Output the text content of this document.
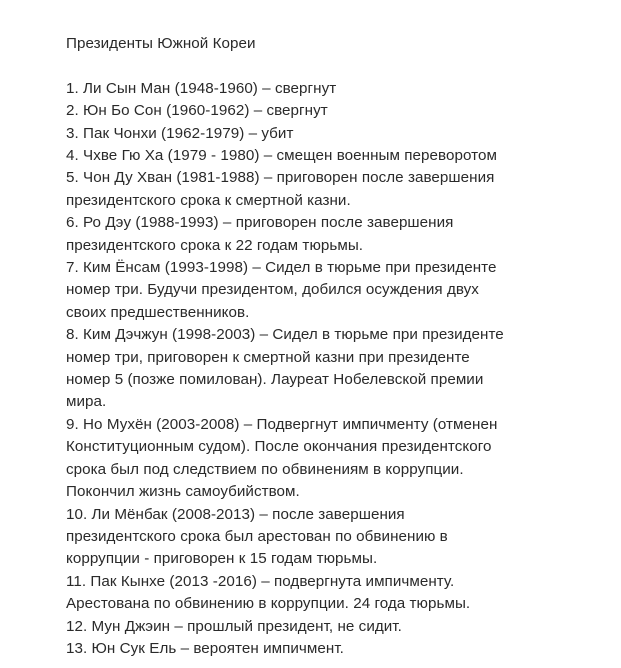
Президенты Южной Кореи
1. Ли Сын Ман (1948-1960) – свергнут
2. Юн Бо Сон (1960-1962) – свергнут
3. Пак Чонхи (1962-1979) – убит
4. Чхве Гю Ха (1979 - 1980) – смещен военным переворотом
5. Чон Ду Хван (1981-1988) – приговорен после завершения
президентского срока к смертной казни.
6. Ро Дэу (1988-1993) – приговорен после завершения
президентского срока к 22 годам тюрьмы.
7. Ким Ёнсам (1993-1998) – Сидел в тюрьме при президенте
номер три. Будучи президентом, добился осуждения двух
своих предшественников.
8. Ким Дэчжун (1998-2003) – Сидел в тюрьме при президенте
номер три, приговорен к смертной казни при президенте
номер 5 (позже помилован). Лауреат Нобелевской премии
мира.
9. Но Мухён (2003-2008) – Подвергнут импичменту (отменен
Конституционным судом). После окончания президентского
срока был под следствием по обвинениям в коррупции.
Покончил жизнь самоубийством.
10. Ли Мёнбак (2008-2013) – после завершения
президентского срока был арестован по обвинению в
коррупции - приговорен к 15 годам тюрьмы.
11. Пак Кынхе (2013 -2016) – подвергнута импичменту.
Арестована по обвинению в коррупции. 24 года тюрьмы.
12. Мун Джэин – прошлый президент, не сидит.
13. Юн Сук Ель – вероятен импичмент.
